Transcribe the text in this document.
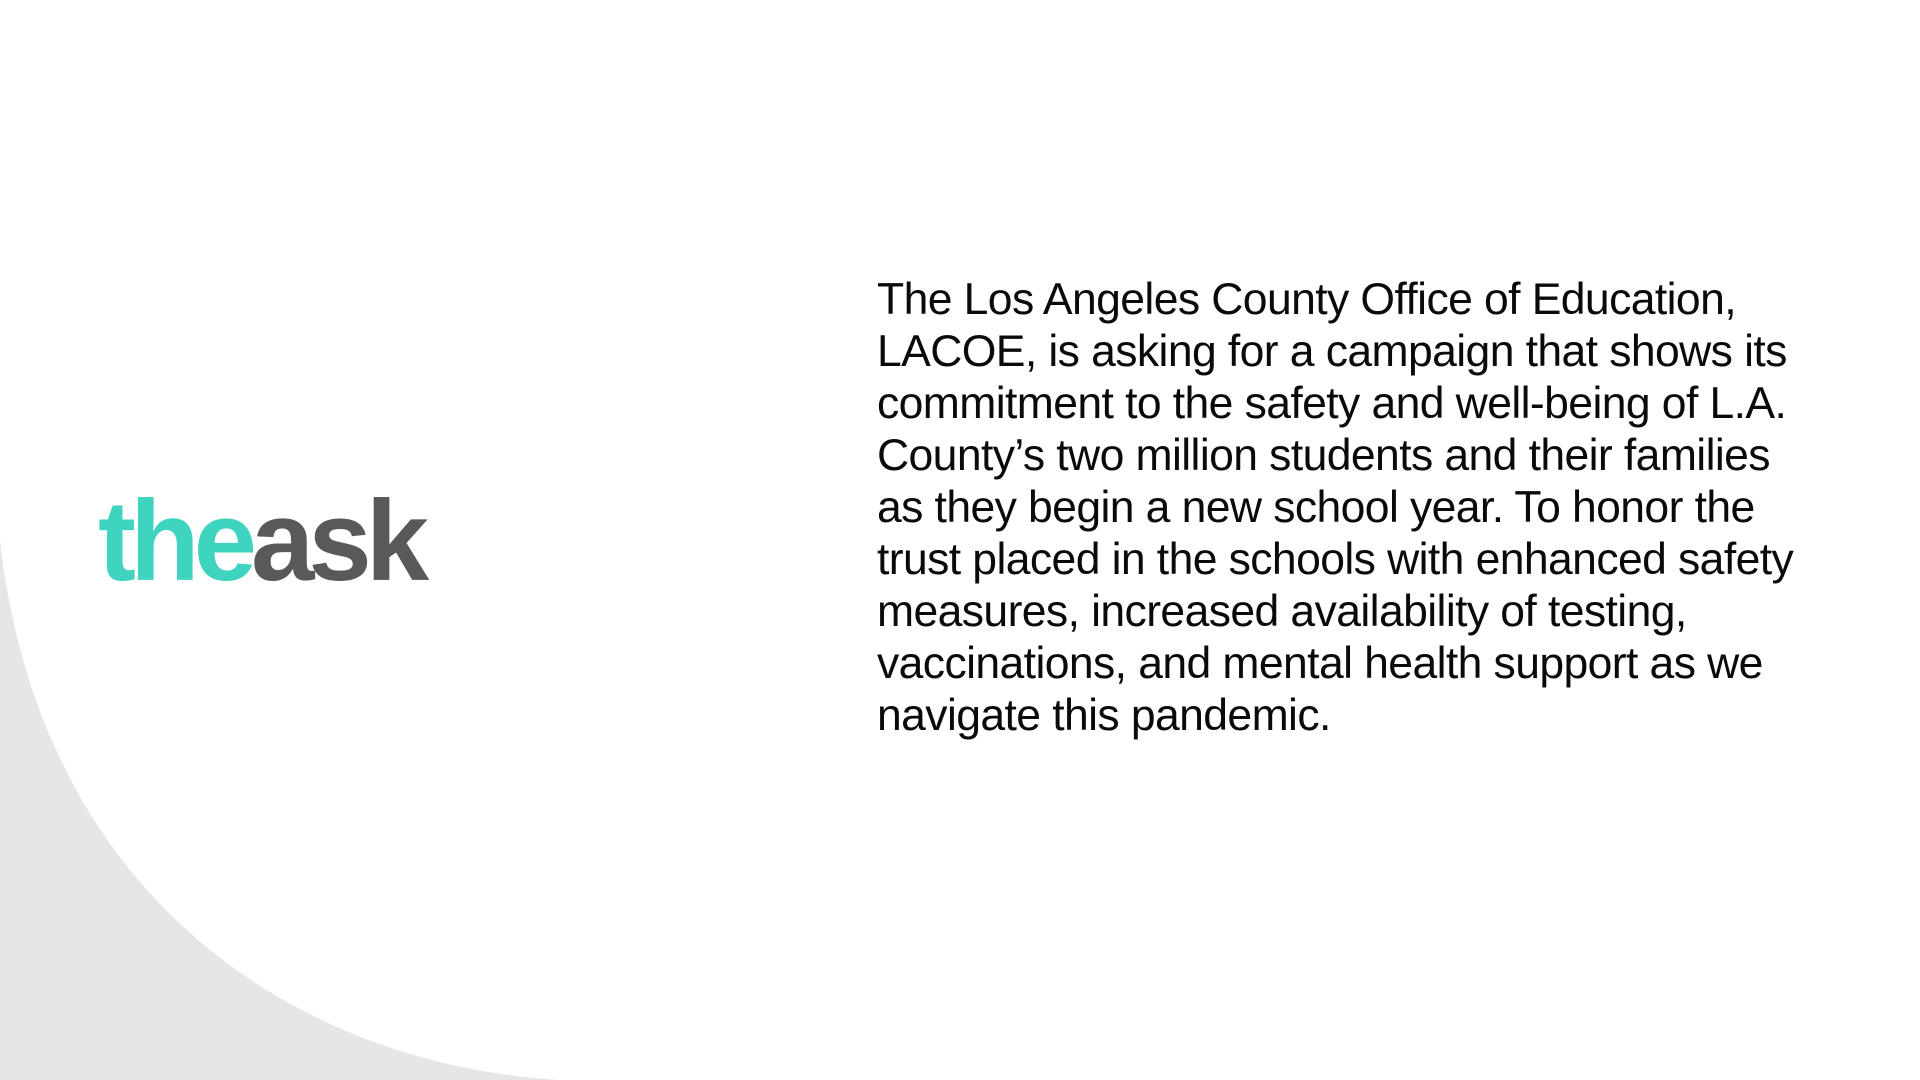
theask

The Los Angeles County Office of Education, LACOE, is asking for a campaign that shows its commitment to the safety and well-being of L.A. County’s two million students and their families as they begin a new school year. To honor the trust placed in the schools with enhanced safety measures, increased availability of testing, vaccinations, and mental health support as we navigate this pandemic.
